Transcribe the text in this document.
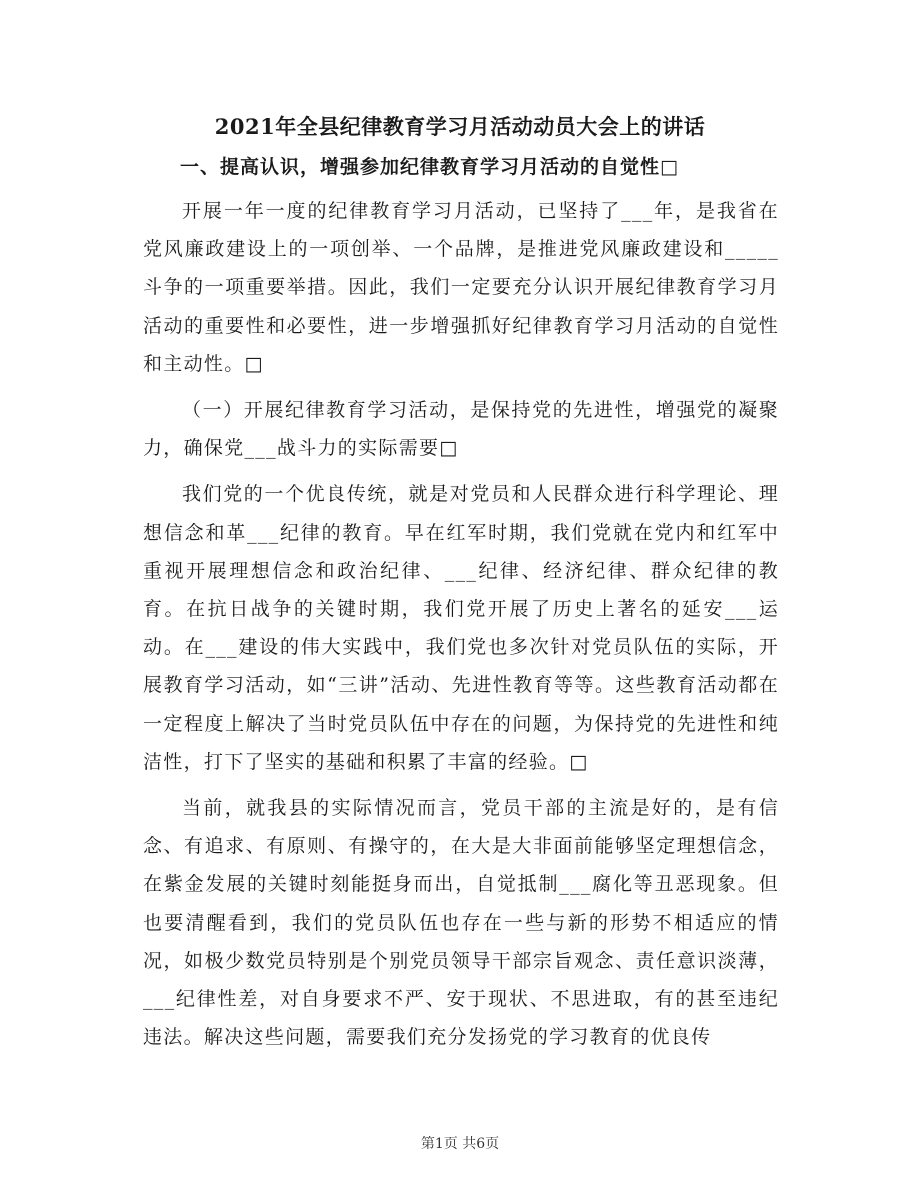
2021年全县纪律教育学习月活动动员大会上的讲话
一、提高认识，增强参加纪律教育学习月活动的自觉性□

开展一年一度的纪律教育学习月活动，已坚持了___年，是我省在党风廉政建设上的一项创举、一个品牌，是推进党风廉政建设和_____斗争的一项重要举措。因此，我们一定要充分认识开展纪律教育学习月活动的重要性和必要性，进一步增强抓好纪律教育学习月活动的自觉性和主动性。□

（一）开展纪律教育学习活动，是保持党的先进性，增强党的凝聚力，确保党___战斗力的实际需要□

我们党的一个优良传统，就是对党员和人民群众进行科学理论、理想信念和革___纪律的教育。早在红军时期，我们党就在党内和红军中重视开展理想信念和政治纪律、___纪律、经济纪律、群众纪律的教育。在抗日战争的关键时期，我们党开展了历史上著名的延安___运动。在___建设的伟大实践中，我们党也多次针对党员队伍的实际，开展教育学习活动，如“三讲”活动、先进性教育等等。这些教育活动都在一定程度上解决了当时党员队伍中存在的问题，为保持党的先进性和纯洁性，打下了坚实的基础和积累了丰富的经验。□

当前，就我县的实际情况而言，党员干部的主流是好的，是有信念、有追求、有原则、有操守的，在大是大非面前能够坚定理想信念，在紫金发展的关键时刻能挺身而出，自觉抵制___腐化等丑恶现象。但也要清醒看到，我们的党员队伍也存在一些与新的形势不相适应的情况，如极少数党员特别是个别党员领导干部宗旨观念、责任意识淡薄，___纪律性差，对自身要求不严、安于现状、不思进取，有的甚至违纪违法。解决这些问题，需要我们充分发扬党的学习教育的优良传

第1页 共6页
